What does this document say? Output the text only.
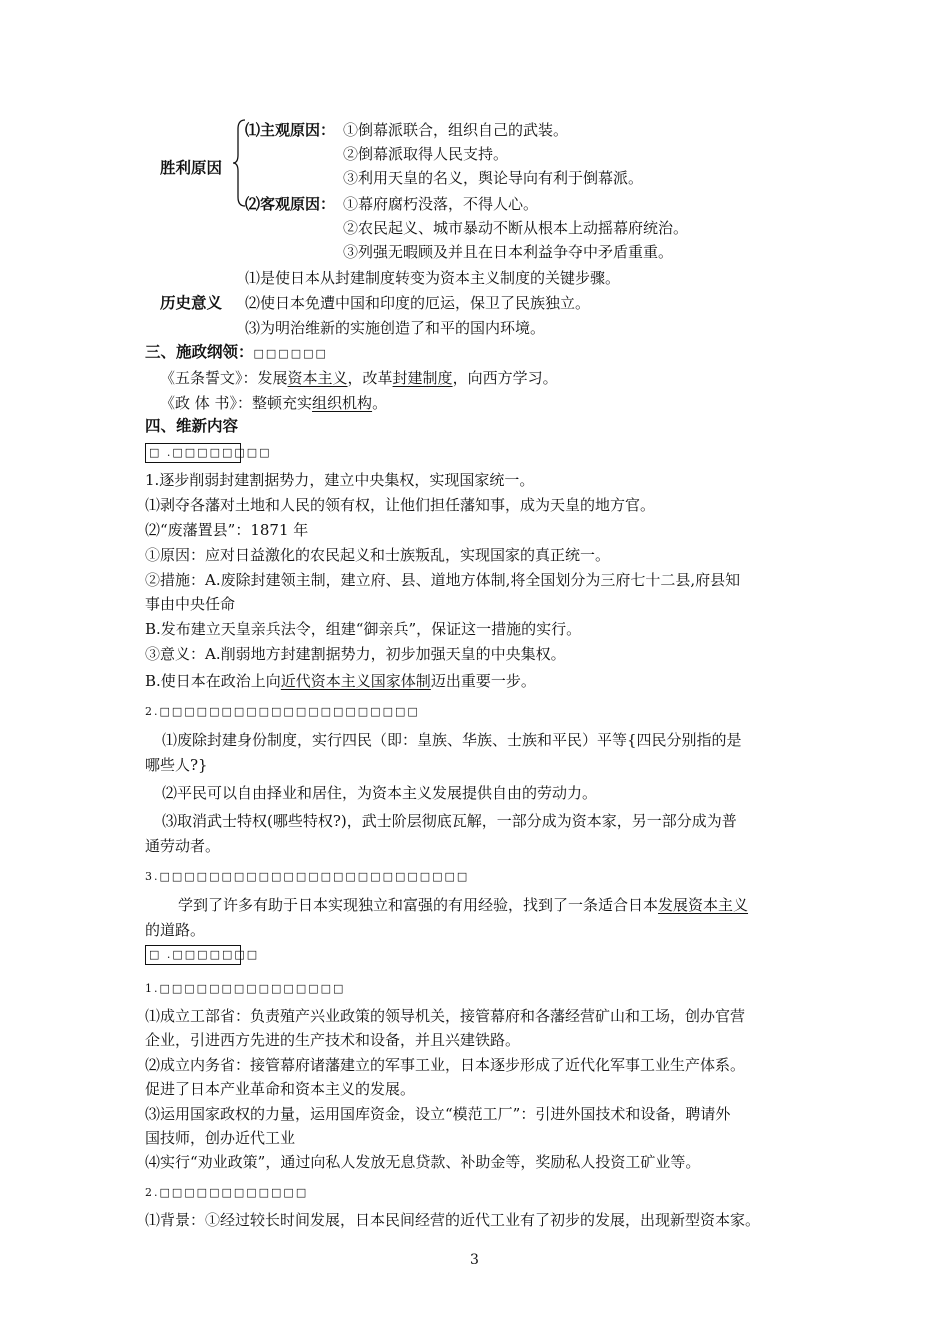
胜利原因
⑴主观原因： ①倒幕派联合，组织自己的武装。
②倒幕派取得人民支持。
③利用天皇的名义，舆论导向有利于倒幕派。
⑵客观原因： ①幕府腐朽没落，不得人心。
②农民起义、城市暴动不断从根本上动摇幕府统治。
③列强无暇顾及并且在日本利益争夺中矛盾重重。
历史意义
⑴是使日本从封建制度转变为资本主义制度的关键步骤。
⑵使日本免遭中国和印度的厄运，保卫了民族独立。
⑶为明治维新的实施创造了和平的国内环境。
三、施政纲领：□□□□□□
《五条誓文》：发展资本主义，改革封建制度，向西方学习。
《政 体 书》：整顿充实组织机构。
四、维新内容
□ .□□□□□□□□
1.逐步削弱封建割据势力，建立中央集权，实现国家统一。
⑴剥夺各藩对土地和人民的领有权，让他们担任藩知事，成为天皇的地方官。
⑵“废藩置县”：1871 年
①原因：应对日益激化的农民起义和士族叛乱，实现国家的真正统一。
②措施：A.废除封建领主制，建立府、县、道地方体制,将全国划分为三府七十二县,府县知
事由中央任命
B.发布建立天皇亲兵法令，组建“御亲兵”，保证这一措施的实行。
③意义：A.削弱地方封建割据势力，初步加强天皇的中央集权。
B.使日本在政治上向近代资本主义国家体制迈出重要一步。
2.□□□□□□□□□□□□□□□□□□□□□
⑴废除封建身份制度，实行四民（即：皇族、华族、士族和平民）平等{四民分别指的是
哪些人?}
⑵平民可以自由择业和居住，为资本主义发展提供自由的劳动力。
⑶取消武士特权(哪些特权?)，武士阶层彻底瓦解，一部分成为资本家，另一部分成为普
通劳动者。
3.□□□□□□□□□□□□□□□□□□□□□□□□□
学到了许多有助于日本实现独立和富强的有用经验，找到了一条适合日本发展资本主义
的道路。
□ .□□□□□□□
1.□□□□□□□□□□□□□□□
⑴成立工部省：负责殖产兴业政策的领导机关，接管幕府和各藩经营矿山和工场，创办官营
企业，引进西方先进的生产技术和设备，并且兴建铁路。
⑵成立内务省：接管幕府诸藩建立的军事工业，日本逐步形成了近代化军事工业生产体系。
促进了日本产业革命和资本主义的发展。
⑶运用国家政权的力量，运用国库资金，设立“模范工厂”：引进外国技术和设备，聘请外
国技师，创办近代工业
⑷实行“劝业政策”，通过向私人发放无息贷款、补助金等，奖励私人投资工矿业等。
2.□□□□□□□□□□□□
⑴背景：①经过较长时间发展，日本民间经营的近代工业有了初步的发展，出现新型资本家。
3
